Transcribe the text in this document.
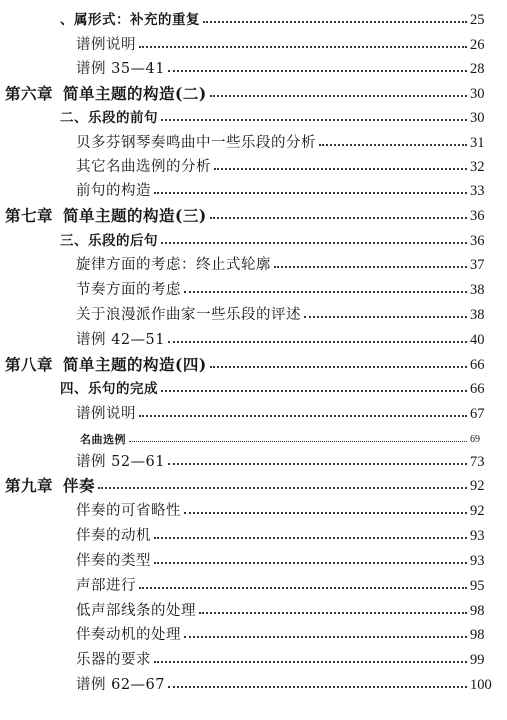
、属形式：补充的重复	25
谱例说明	26
谱例 35—41	28
第六章 简单主题的构造(二)	30
二、乐段的前句	30
贝多芬钢琴奏鸣曲中一些乐段的分析	31
其它名曲选例的分析	32
前句的构造	33
第七章 简单主题的构造(三)	36
三、乐段的后句	36
旋律方面的考虑：终止式轮廓	37
节奏方面的考虑	38
关于浪漫派作曲家一些乐段的评述	38
谱例 42—51	40
第八章 简单主题的构造(四)	66
四、乐句的完成	66
谱例说明	67
名曲选例	69
谱例 52—61	73
第九章 伴奏	92
伴奏的可省略性	92
伴奏的动机	93
伴奏的类型	93
声部进行	95
低声部线条的处理	98
伴奏动机的处理	98
乐器的要求	99
谱例 62—67	100
